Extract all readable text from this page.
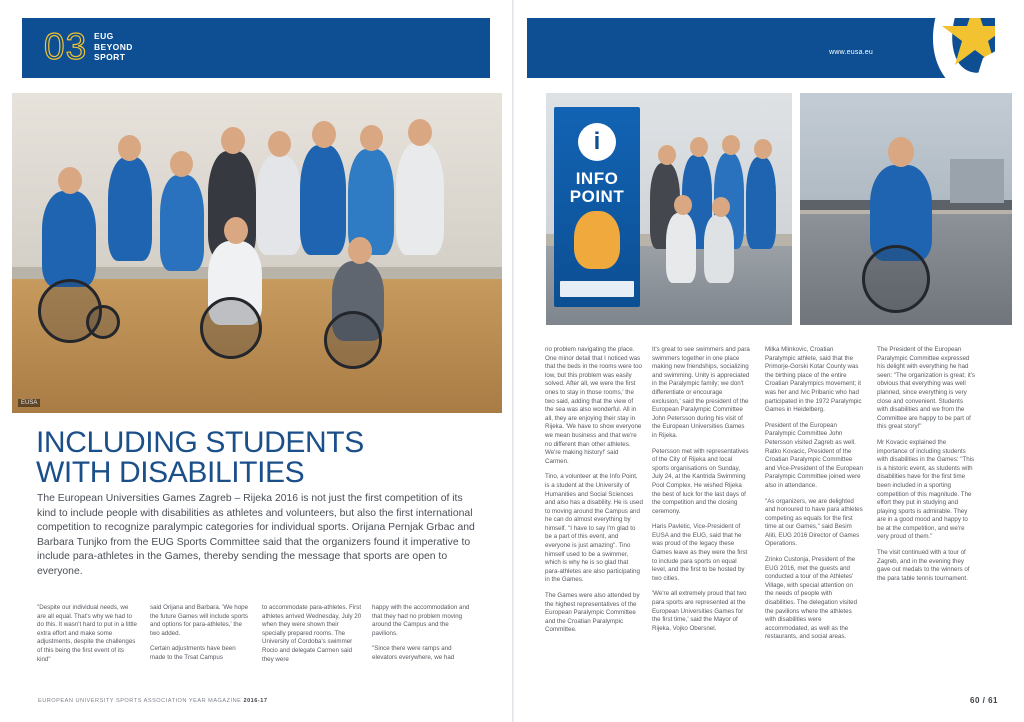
03 EUG
BEYOND
SPORT	www.eusa.eu
EUSA
i
INFO
POINT
INCLUDING STUDENTS
WITH DISABILITIES
The European Universities Games Zagreb – Rijeka 2016 is not just the first competition of its kind to include people with disabilities as athletes and volunteers, but also the first international competition to recognize paralympic categories for individual sports. Orijana Pernjak Grbac and Barbara Tunjko from the EUG Sports Committee said that the organizers found it imperative to include para-athletes in the Games, thereby sending the message that sports are open to everyone.

"Despite our individual needs, we are all equal. That's why we had to do this. It wasn't hard to put in a little extra effort and make some adjustments, despite the challenges of this being the first event of its kind"

said Orijana and Barbara. 'We hope the future Games will include sports and options for para-athletes,' the two added.

Certain adjustments have been made to the Trsat Campus

to accommodate para-athletes. First athletes arrived Wednesday, July 20 when they were shown their specially prepared rooms. The University of Cordoba's swimmer Rocio and delegate Carmen said they were

happy with the accommodation and that they had no problem moving around the Campus and the pavilions.

"Since there were ramps and elevators everywhere, we had

no problem navigating the place. One minor detail that I noticed was that the beds in the rooms were too low, but this problem was easily solved. After all, we were the first ones to stay in those rooms,' the two said, adding that the view of the sea was also wonderful. All in all, they are enjoying their stay in Rijeka. 'We have to show everyone we mean business and that we're no different than other athletes. We're making history!' said Carmen.

Tino, a volunteer at the Info Point, is a student at the University of Humanities and Social Sciences and also has a disability. He is used to moving around the Campus and he can do almost everything by himself. "I have to say I'm glad to be a part of this event, and everyone is just amazing". Tino himself used to be a swimmer, which is why he is so glad that para-athletes are also participating in the Games.

The Games were also attended by the highest representatives of the European Paralympic Committee and the Croatian Paralympic Committee.

It's great to see swimmers and para swimmers together in one place making new friendships, socializing and swimming. Unity is appreciated in the Paralympic family; we don't differentiate or encourage exclusion,' said the president of the European Paralympic Committee John Petersson during his visit of the European Universities Games in Rijeka.

Petersson met with representatives of the City of Rijeka and local sports organisations on Sunday, July 24, at the Kantrida Swimming Pool Complex. He wished Rijeka the best of luck for the last days of the competition and the closing ceremony.

Haris Pavletic, Vice-President of EUSA and the EUG, said that he was proud of the legacy these Games leave as they were the first to include para sports on equal level, and the first to be hosted by two cities.

'We're all extremely proud that two para sports are represented at the European Universities Games for the first time,' said the Mayor of Rijeka, Vojko Obersnel.

Milka Mlinkovic, Croatian Paralympic athlete, said that the Primorje-Gorski Kotar County was the birthing place of the entire Croatian Paralympics movement; it was her and Ivic Pribanic who had participated in the 1972 Paralympic Games in Heidelberg.

President of the European Paralympic Committee John Petersson visited Zagreb as well. Ratko Kovacic, President of the Croatian Paralympic Committee and Vice-President of the European Paralympic Committee joined were also in attendance.

"As organizers, we are delighted and honoured to have para athletes competing as equals for the first time at our Games," said Besim Aliti, EUG 2016 Director of Games Operations.

Zrinko Custonja, President of the EUG 2016, met the guests and conducted a tour of the Athletes' Village, with special attention on the needs of people with disabilities. The delegation visited the pavilions where the athletes with disabilities were accommodated, as well as the restaurants, and social areas.

The President of the European Paralympic Committee expressed his delight with everything he had seen: "The organization is great; it's obvious that everything was well planned, since everything is very close and convenient. Students with disabilities and we from the Committee are happy to be part of this great story!"

Mr Kovacic explained the importance of including students with disabilities in the Games: "This is a historic event, as students with disabilities have for the first time been included in a sporting competition of this magnitude. The effort they put in studying and playing sports is admirable. They are in a good mood and happy to be at the competition, and we're very proud of them."

The visit continued with a tour of Zagreb, and in the evening they gave out medals to the winners of the para table tennis tournament.

EUROPEAN UNIVERSITY SPORTS ASSOCIATION YEAR MAGAZINE 2016-17	60 / 61
